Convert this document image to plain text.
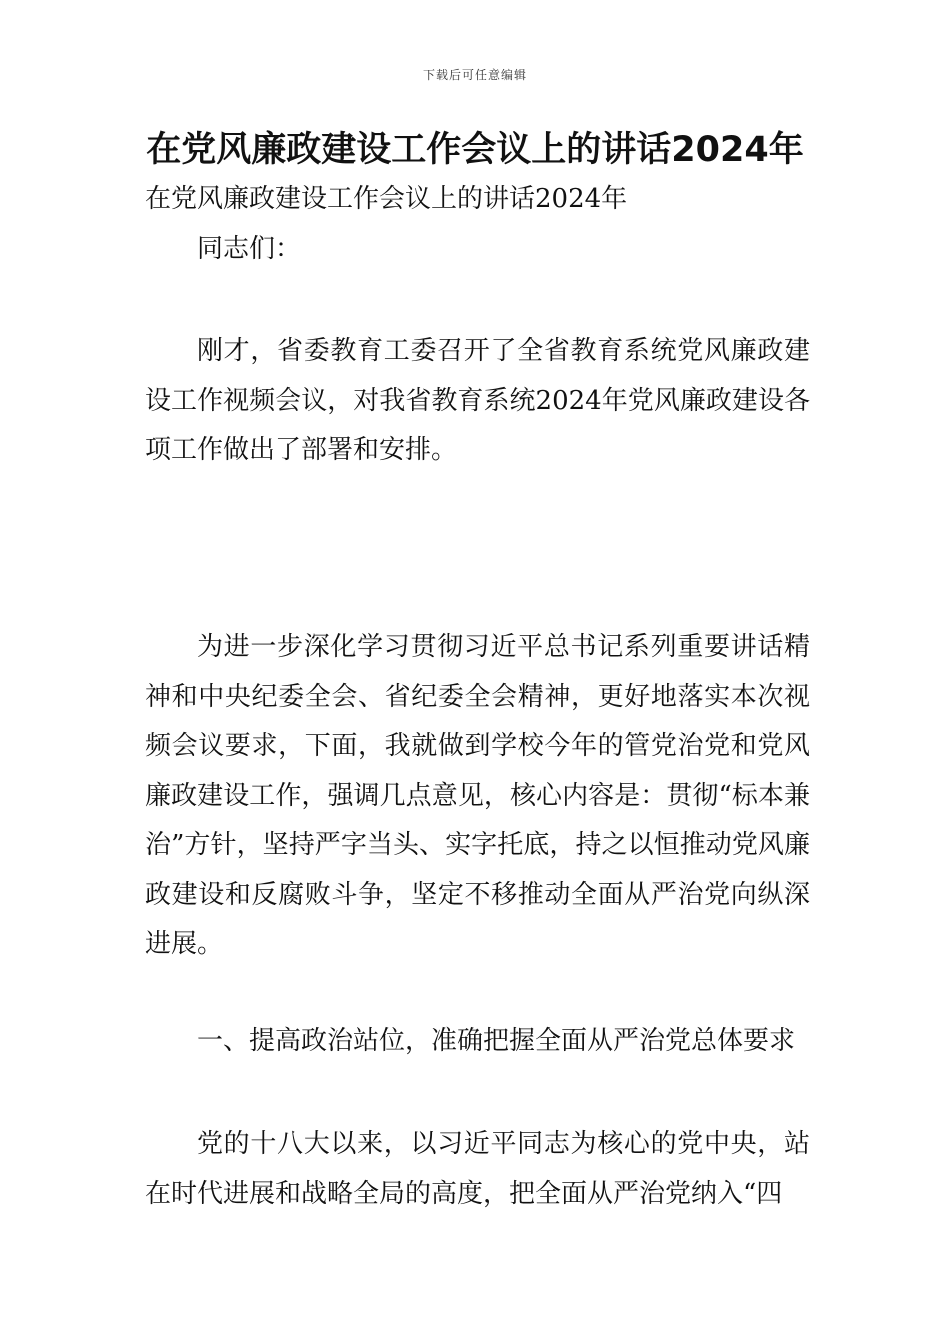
下载后可任意编辑
在党风廉政建设工作会议上的讲话2024年

在党风廉政建设工作会议上的讲话2024年

同志们：

刚才，省委教育工委召开了全省教育系统党风廉政建设工作视频会议，对我省教育系统2024年党风廉政建设各项工作做出了部署和安排。

为进一步深化学习贯彻习近平总书记系列重要讲话精神和中央纪委全会、省纪委全会精神，更好地落实本次视频会议要求，下面，我就做到学校今年的管党治党和党风廉政建设工作，强调几点意见，核心内容是：贯彻“标本兼治”方针，坚持严字当头、实字托底，持之以恒推动党风廉政建设和反腐败斗争，坚定不移推动全面从严治党向纵深进展。

一、提高政治站位，准确把握全面从严治党总体要求

党的十八大以来，以习近平同志为核心的党中央，站在时代进展和战略全局的高度，把全面从严治党纳入“四
